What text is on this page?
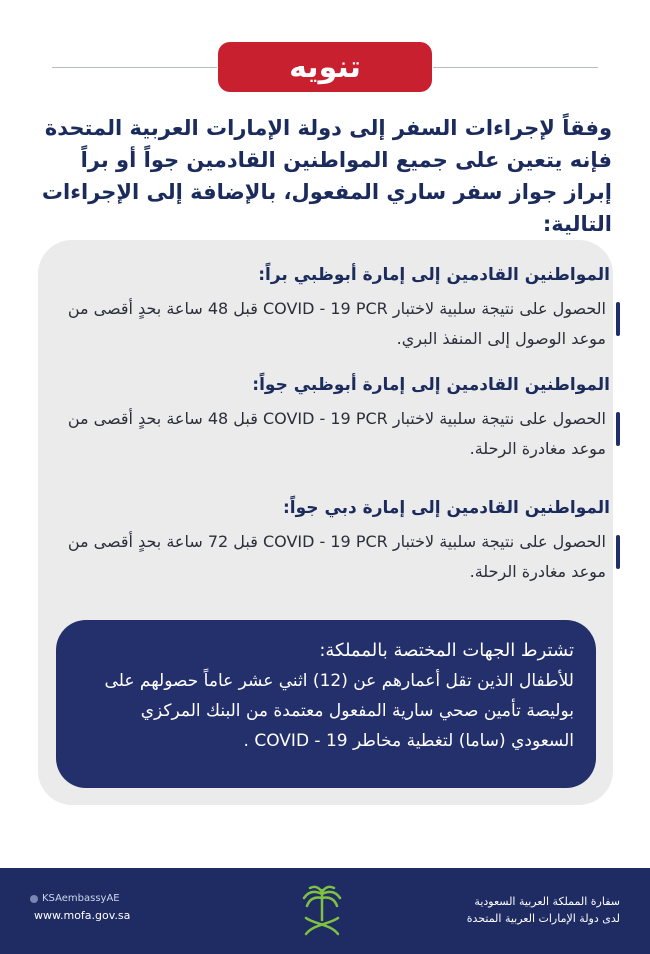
تنويه
وفقاً لإجراءات السفر إلى دولة الإمارات العربية المتحدة فإنه يتعين على جميع المواطنين القادمين جواً أو براً إبراز جواز سفر ساري المفعول، بالإضافة إلى الإجراءات التالية:
المواطنين القادمين إلى إمارة أبوظبي براً:

الحصول على نتيجة سلبية لاختبار COVID - 19 PCR قبل 48 ساعة بحدٍ أقصى من موعد الوصول إلى المنفذ البري.

المواطنين القادمين إلى إمارة أبوظبي جواً:

الحصول على نتيجة سلبية لاختبار COVID - 19 PCR قبل 48 ساعة بحدٍ أقصى من موعد مغادرة الرحلة.

المواطنين القادمين إلى إمارة دبي جواً:

الحصول على نتيجة سلبية لاختبار COVID - 19 PCR قبل 72 ساعة بحدٍ أقصى من موعد مغادرة الرحلة.

تشترط الجهات المختصة بالمملكة:

للأطفال الذين تقل أعمارهم عن (12) اثني عشر عاماً حصولهم على بوليصة تأمين صحي سارية المفعول معتمدة من البنك المركزي السعودي (ساما) لتغطية مخاطر COVID - 19 .

KSAembassyAE
www.mofa.gov.sa
سفارة المملكة العربية السعودية
لدى دولة الإمارات العربية المتحدة
